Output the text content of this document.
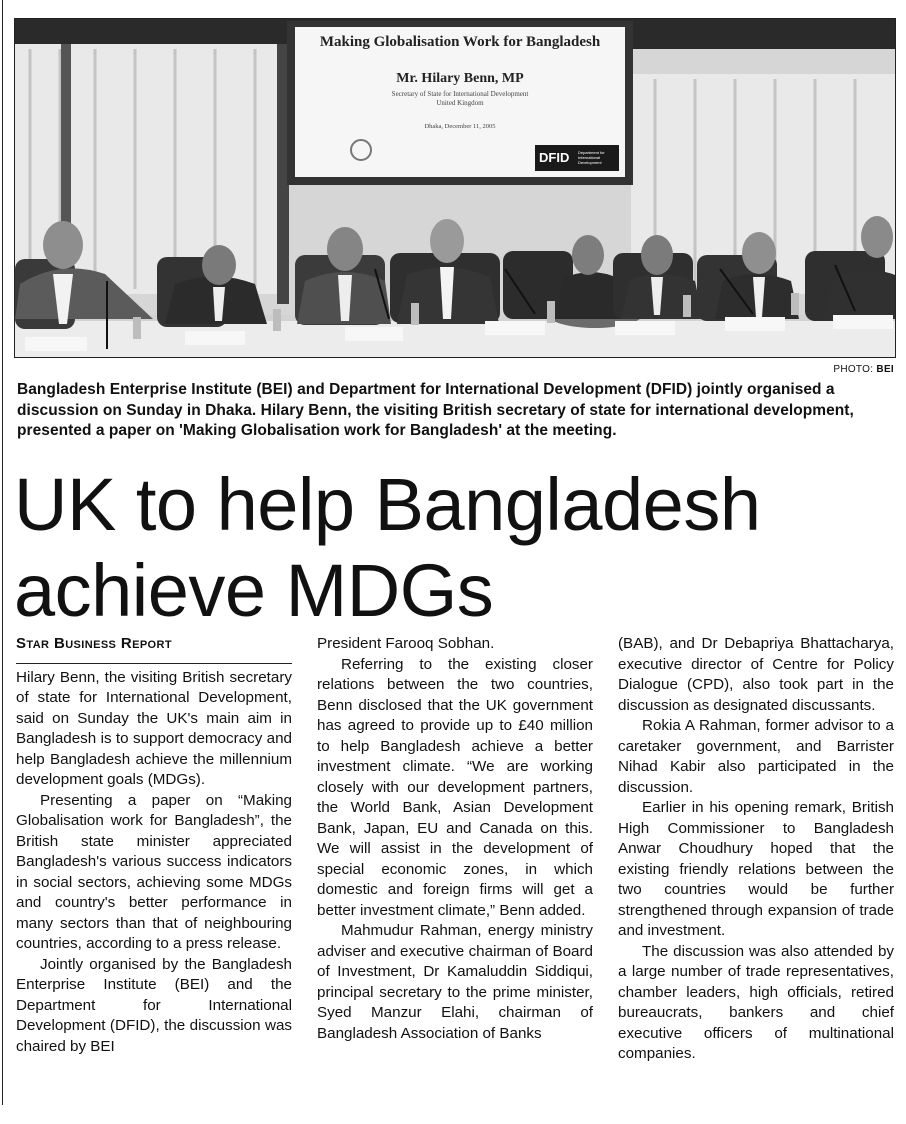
Making Globalisation Work for Bangladesh
Mr. Hilary Benn, MP
Secretary of State for International Development
United Kingdom
Dhaka, December 11, 2005
DFID Department for International Development
PHOTO: BEI
Bangladesh Enterprise Institute (BEI) and Department for International Development (DFID) jointly organised a discussion on Sunday in Dhaka. Hilary Benn, the visiting British secretary of state for international development, presented a paper on 'Making Globalisation work for Bangladesh' at the meeting.
UK to help Bangladesh achieve MDGs
Star Business Report

Hilary Benn, the visiting British secretary of state for International Development, said on Sunday the UK's main aim in Bangladesh is to support democracy and help Bangladesh achieve the millennium development goals (MDGs).

Presenting a paper on “Making Globalisation work for Bangladesh”, the British state minister appreciated Bangladesh's various success indicators in social sectors, achieving some MDGs and country's better performance in many sectors than that of neighbouring countries, according to a press release.

Jointly organised by the Bangladesh Enterprise Institute (BEI) and the Department for International Development (DFID), the discussion was chaired by BEI

President Farooq Sobhan.

Referring to the existing closer relations between the two countries, Benn disclosed that the UK government has agreed to provide up to £40 million to help Bangladesh achieve a better investment climate. “We are working closely with our development partners, the World Bank, Asian Development Bank, Japan, EU and Canada on this. We will assist in the development of special economic zones, in which domestic and foreign firms will get a better investment climate,” Benn added.

Mahmudur Rahman, energy ministry adviser and executive chairman of Board of Investment, Dr Kamaluddin Siddiqui, principal secretary to the prime minister, Syed Manzur Elahi, chairman of Bangladesh Association of Banks

(BAB), and Dr Debapriya Bhattacharya, executive director of Centre for Policy Dialogue (CPD), also took part in the discussion as designated discussants.

Rokia A Rahman, former advisor to a caretaker government, and Barrister Nihad Kabir also participated in the discussion.

Earlier in his opening remark, British High Commissioner to Bangladesh Anwar Choudhury hoped that the existing friendly relations between the two countries would be further strengthened through expansion of trade and investment.

The discussion was also attended by a large number of trade representatives, chamber leaders, high officials, retired bureaucrats, bankers and chief executive officers of multinational companies.
